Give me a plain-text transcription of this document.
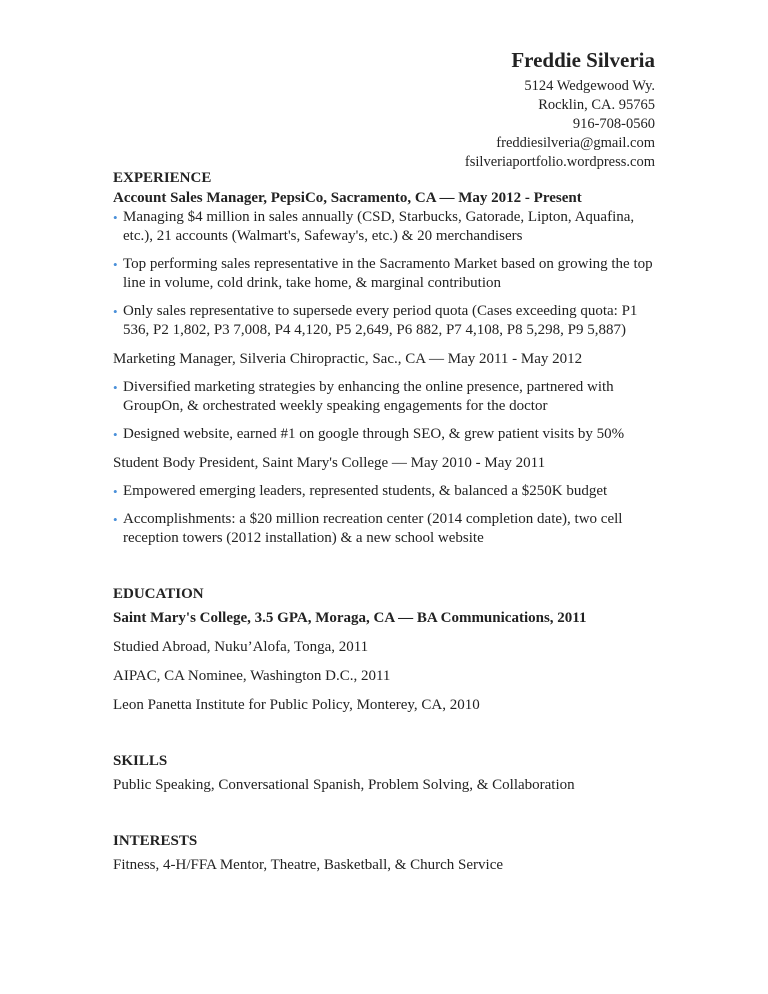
Freddie Silveria
5124 Wedgewood Wy.
Rocklin, CA. 95765
916-708-0560
freddiesilveria@gmail.com
fsilveriaportfolio.wordpress.com
EXPERIENCE
Account Sales Manager, PepsiCo, Sacramento, CA — May 2012 - Present
• Managing $4 million in sales annually (CSD, Starbucks, Gatorade, Lipton, Aquafina, etc.), 21 accounts (Walmart's, Safeway's, etc.) & 20 merchandisers
• Top performing sales representative in the Sacramento Market based on growing the top line in volume, cold drink, take home, & marginal contribution
• Only sales representative to supersede every period quota (Cases exceeding quota: P1 536, P2 1,802, P3 7,008, P4 4,120, P5 2,649, P6 882, P7 4,108, P8 5,298, P9 5,887)
Marketing Manager, Silveria Chiropractic, Sac., CA — May 2011 - May 2012
• Diversified marketing strategies by enhancing the online presence, partnered with GroupOn, & orchestrated weekly speaking engagements for the doctor
• Designed website, earned #1 on google through SEO, & grew patient visits by 50%
Student Body President, Saint Mary's College — May 2010 - May 2011
• Empowered emerging leaders, represented students, & balanced a $250K budget
• Accomplishments: a $20 million recreation center (2014 completion date), two cell reception towers (2012 installation) & a new school website
EDUCATION
Saint Mary's College, 3.5 GPA, Moraga, CA — BA Communications, 2011
Studied Abroad, Nuku’Alofa, Tonga, 2011
AIPAC, CA Nominee, Washington D.C., 2011
Leon Panetta Institute for Public Policy, Monterey, CA, 2010
SKILLS
Public Speaking, Conversational Spanish, Problem Solving, & Collaboration
INTERESTS
Fitness, 4-H/FFA Mentor, Theatre, Basketball, & Church Service
